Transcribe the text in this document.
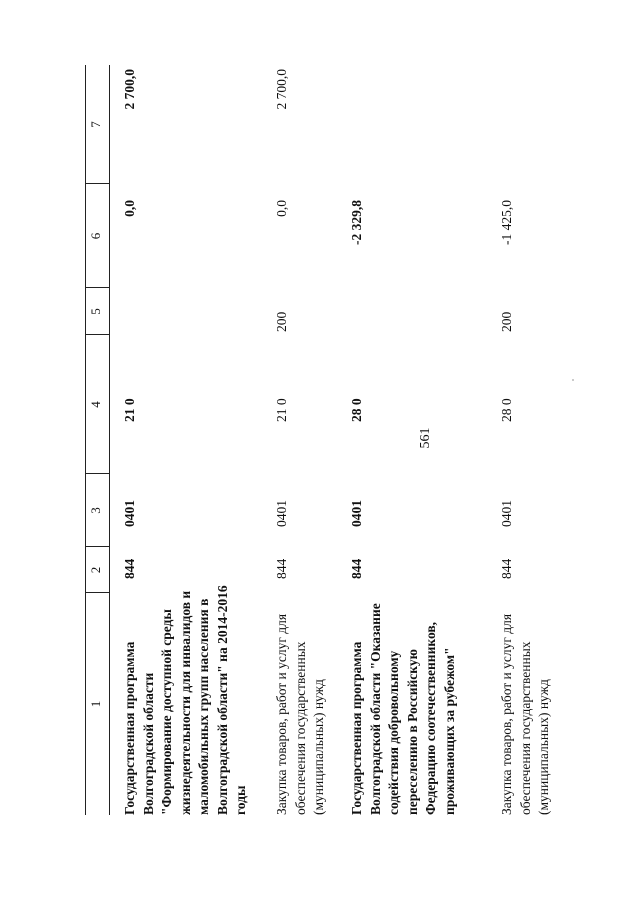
561
1
2
3
4
5
6
7
Государственная программа Волгоградской области "Формирование доступной среды жизнедеятельности для инвалидов и маломобильных групп населения в Волгоградской области" на 2014-2016 годы
844
0401
21 0
0,0
2 700,0
Закупка товаров, работ и услуг для обеспечения государственных (муниципальных) нужд
844
0401
21 0
200
0,0
2 700,0
Государственная программа Волгоградской области "Оказание содействия добровольному переселению в Российскую Федерацию соотечественников, проживающих за рубежом"
844
0401
28 0
-2 329,8
Закупка товаров, работ и услуг для обеспечения государственных (муниципальных) нужд
844
0401
28 0
200
-1 425,0
